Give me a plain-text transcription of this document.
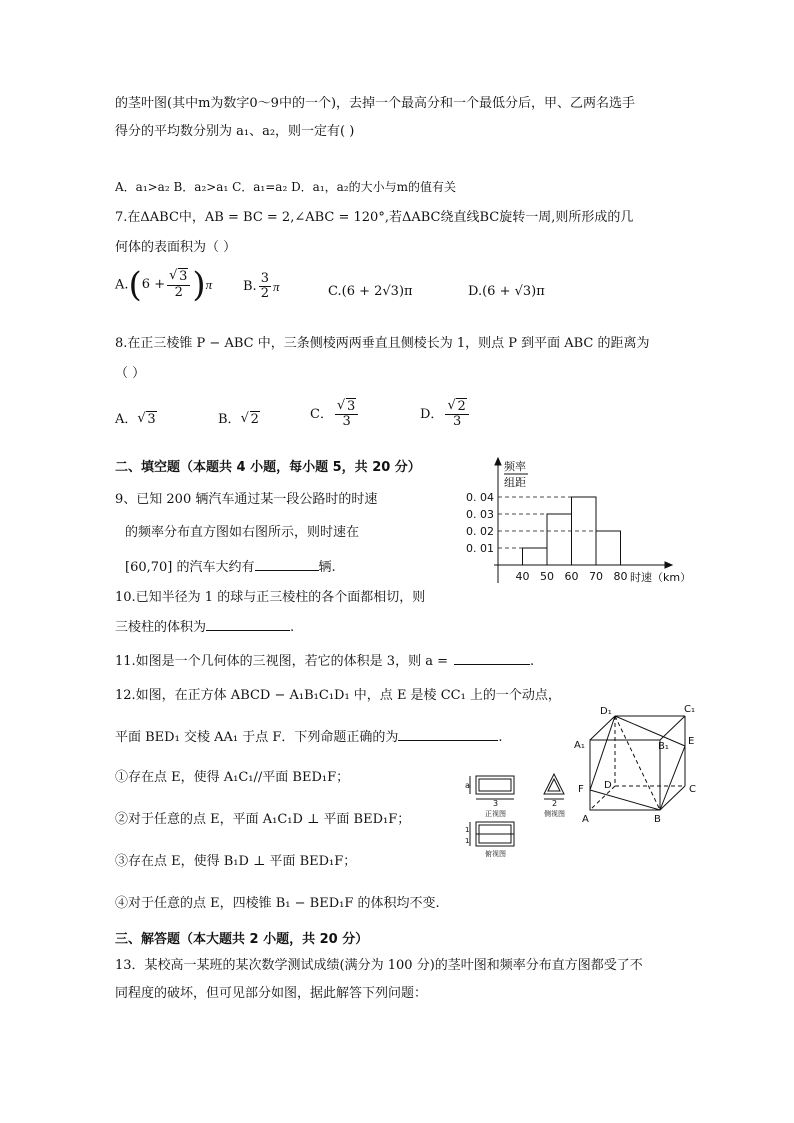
的茎叶图(其中m为数字0～9中的一个)，去掉一个最高分和一个最低分后，甲、乙两名选手
得分的平均数分别为 a₁、a₂，则一定有( )
A．a₁>a₂ B．a₂>a₁ C．a₁=a₂ D．a₁，a₂的大小与m的值有关
7.在ΔABC中，AB = BC = 2,∠ABC = 120°,若ΔABC绕直线BC旋转一周,则所形成的几
何体的表面积为（ ）
A.(6 + √ $\frac{3}{2} )\pi$ B. $\frac{3}{2}$ π	C.(6 + 2√3)π	D.(6 + √3)π
8.在正三棱锥 P − ABC 中，三条侧棱两两垂直且侧棱长为 1，则点 P 到平面 ABC 的距离为
（ ）
A． √ 3	B． √ 2	C． √ $\frac{3}{3}$	D． √ $\frac{2}{3}$
二、填空题（本题共 4 小题，每小题 5，共 20 分）
9、已知 200 辆汽车通过某一段公路时的时速
的频率分布直方图如右图所示，则时速在
[60,70] 的汽车大约有	辆.
0. 04
0. 03
0. 02
0. 01
40 50 60 70 80
频率
组距
时速（km）
10.已知半径为 1 的球与正三棱柱的各个面都相切，则
三棱柱的体积为	.
11.如图是一个几何体的三视图，若它的体积是 3，则 a =	.
12.如图，在正方体 ABCD − A₁B₁C₁D₁ 中，点 E 是棱 CC₁ 上的一个动点，
平面 BED₁ 交棱 AA₁ 于点 F．下列命题正确的为	.
①存在点 E，使得 A₁C₁//平面 BED₁F；
②对于任意的点 E，平面 A₁C₁D ⊥ 平面 BED₁F；
③存在点 E，使得 B₁D ⊥ 平面 BED₁F；
④对于任意的点 E，四棱锥 B₁ − BED₁F 的体积均不变.
a
3
正视图
2
侧视图
1
1
俯视图
D₁	C₁
A₁	B₁ E
D	C
F
A	B
三、解答题（本大题共 2 小题，共 20 分）
13．某校高一某班的某次数学测试成绩(满分为 100 分)的茎叶图和频率分布直方图都受了不
同程度的破坏，但可见部分如图，据此解答下列问题：
